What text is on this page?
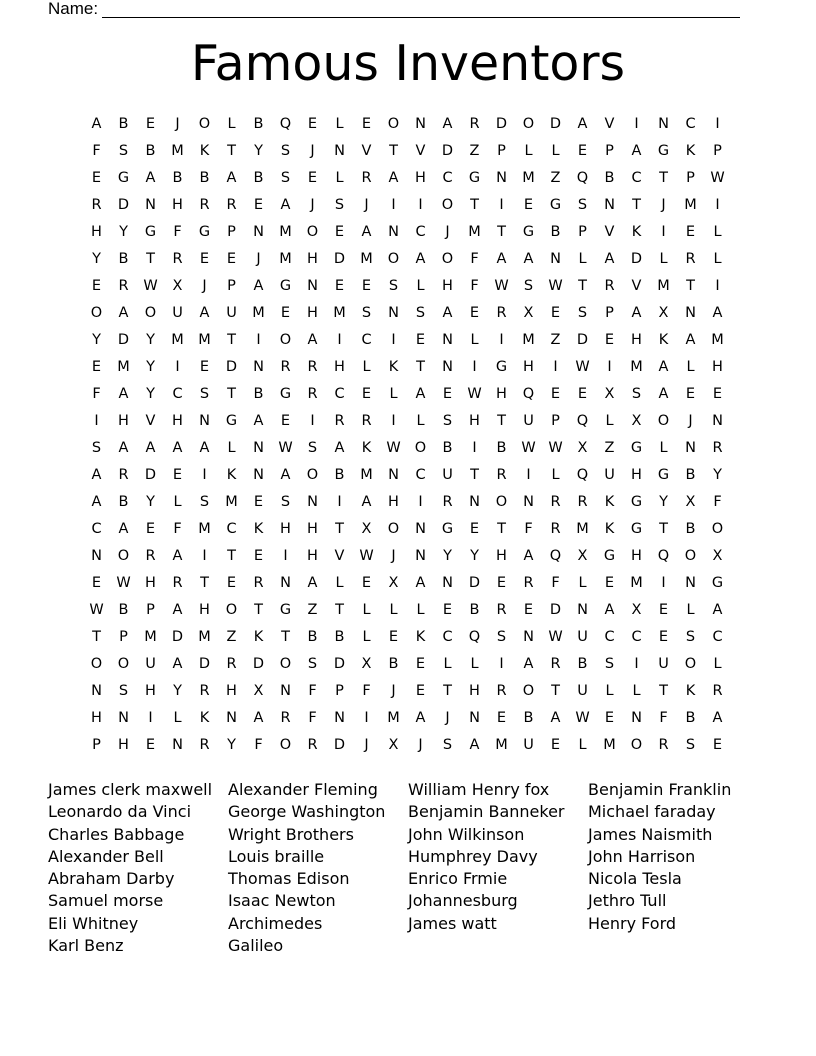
Name:
Famous Inventors
A	B	E	J	O	L	B	Q	E	L	E	O	N	A	R	D	O	D	A	V	I	N	C	I
F	S	B	M	K	T	Y	S	J	N	V	T	V	D	Z	P	L	L	E	P	A	G	K	P
E	G	A	B	B	A	B	S	E	L	R	A	H	C	G	N	M	Z	Q	B	C	T	P	W
R	D	N	H	R	R	E	A	J	S	J	I	I	O	T	I	E	G	S	N	T	J	M	I
H	Y	G	F	G	P	N	M	O	E	A	N	C	J	M	T	G	B	P	V	K	I	E	L
Y	B	T	R	E	E	J	M	H	D	M	O	A	O	F	A	A	N	L	A	D	L	R	L
E	R	W	X	J	P	A	G	N	E	E	S	L	H	F	W	S	W	T	R	V	M	T	I
O	A	O	U	A	U	M	E	H	M	S	N	S	A	E	R	X	E	S	P	A	X	N	A
Y	D	Y	M M	T	I	O	A	I	C	I	E	N	L	I	M	Z	D	E	H	K	A	M
E	M	Y	I	E	D	N	R	R	H	L	K	T	N	I	G	H	I	W	I	M	A	L	H
F	A	Y	C	S	T	B	G	R	C	E	L	A	E	W H	Q	E	E	X	S	A	E	E
I	H	V	H	N	G	A	E	I	R	R	I	L	S	H	T	U	P	Q	L	X	O	J	N
S	A	A	A	A	L	N W	S	A	K	W O	B	I	B	W W	X	Z	G	L	N	R
A	R	D	E	I	K	N	A	O	B	M	N	C	U	T	R	I	L	Q	U	H	G	B	Y
A	B	Y	L	S	M	E	S	N	I	A	H	I	R	N	O	N	R	R	K	G	Y	X	F
C	A	E	F	M	C	K	H	H	T	X	O	N	G	E	T	F	R	M	K	G	T	B	O
N	O	R	A	I	T	E	I	H	V	W	J	N	Y	Y	H	A	Q	X	G	H	Q	O	X
E	W H	R	T	E	R	N	A	L	E	X	A	N	D	E	R	F	L	E	M	I	N	G
W	B	P	A	H	O	T	G	Z	T	L	L	L	E	B	R	E	D	N	A	X	E	L	A
T	P	M	D	M	Z	K	T	B	B	L	E	K	C	Q	S	N W	U	C	C	E	S	C
O	O	U	A	D	R	D	O	S	D	X	B	E	L	L	I	A	R	B	S	I	U	O	L
N	S	H	Y	R	H	X	N	F	P	F	J	E	T	H	R	O	T	U	L	L	T	K	R
H	N	I	L	K	N	A	R	F	N	I	M	A	J	N	E	B	A	W	E	N	F	B	A
P	H	E	N	R	Y	F	O	R	D	J	X	J	S	A	M	U	E	L	M	O	R	S	E
James clerk maxwell
Leonardo da Vinci
Charles Babbage
Alexander Bell
Abraham Darby
Samuel morse
Eli Whitney
Karl Benz
Alexander Fleming
George Washington
Wright Brothers
Louis braille
Thomas Edison
Isaac Newton
Archimedes
Galileo
William Henry fox
Benjamin Banneker
John Wilkinson
Humphrey Davy
Enrico Frmie
Johannesburg
James watt
Benjamin Franklin
Michael faraday
James Naismith
John Harrison
Nicola Tesla
Jethro Tull
Henry Ford
